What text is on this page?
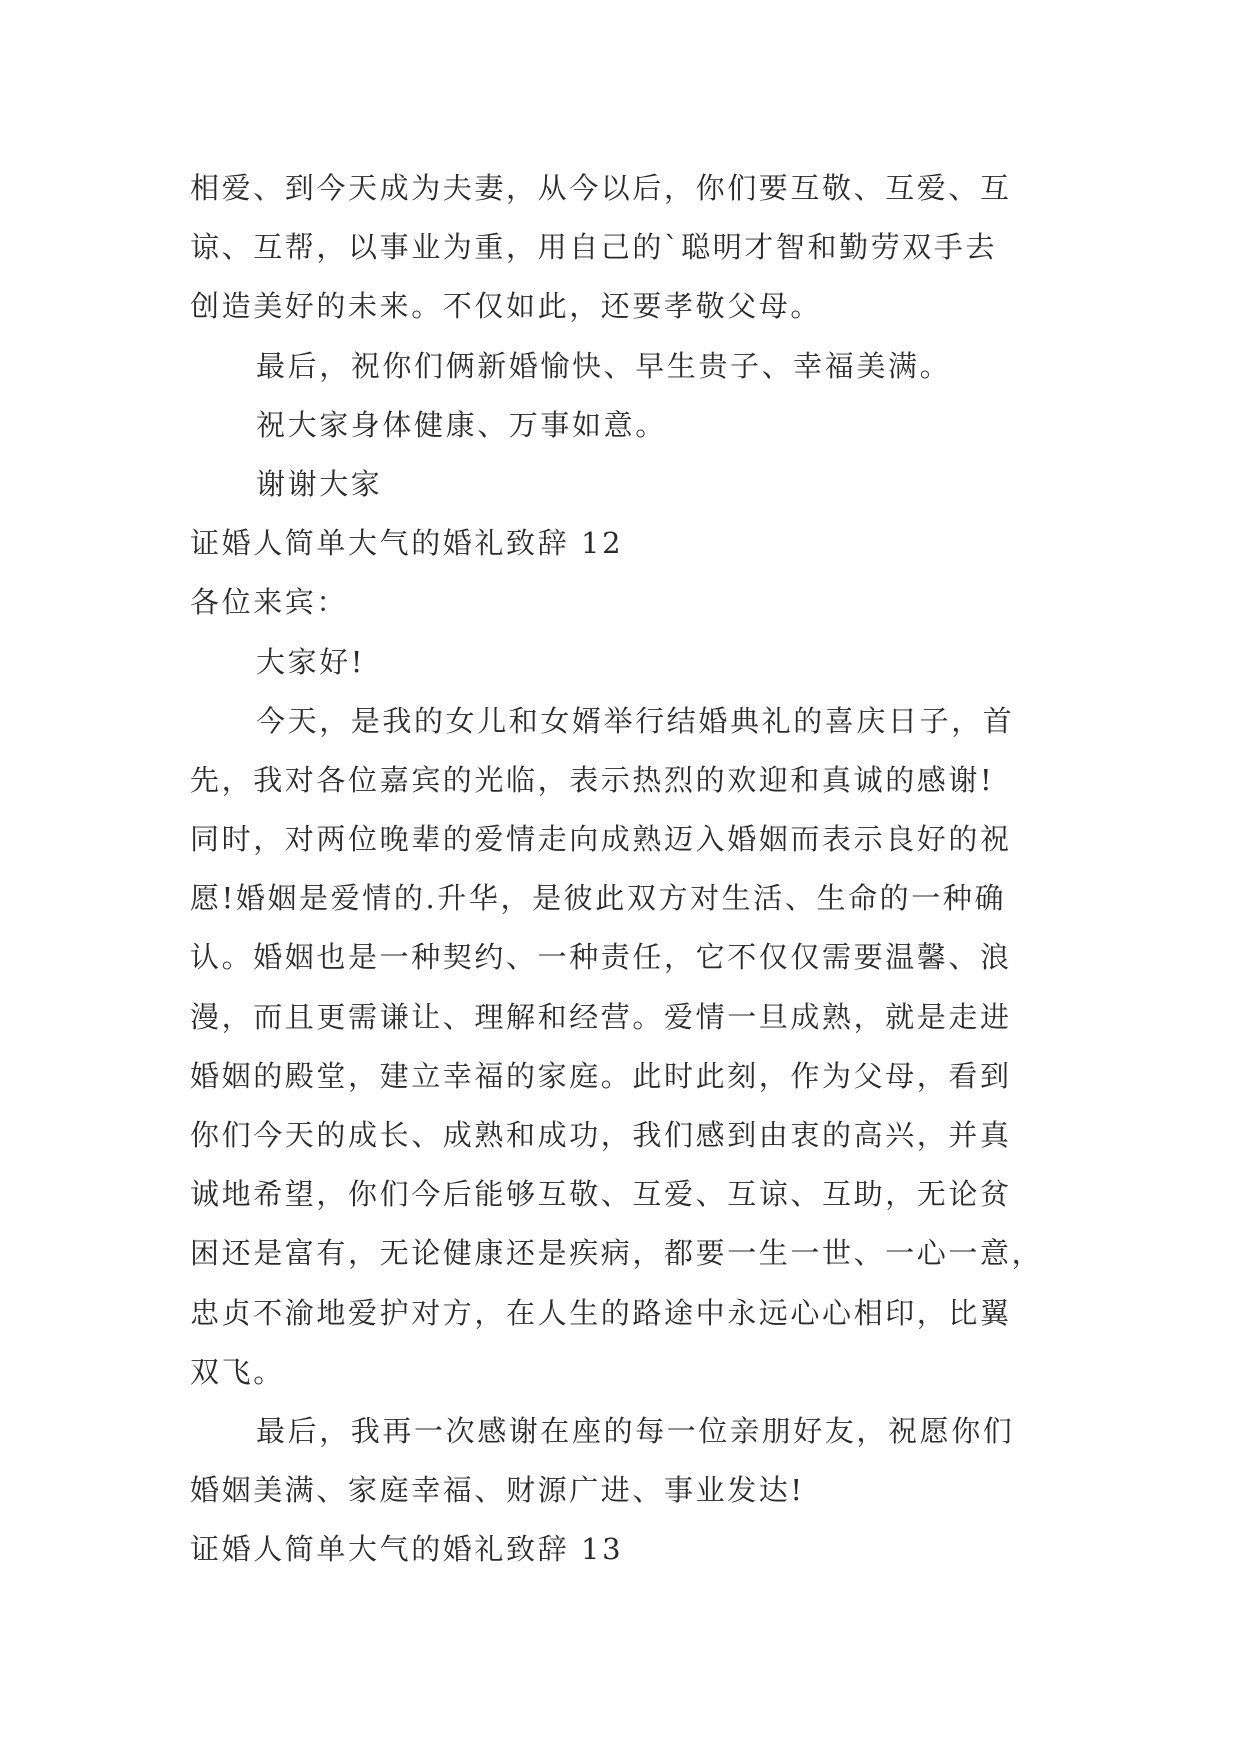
相爱、到今天成为夫妻，从今以后，你们要互敬、互爱、互
谅、互帮，以事业为重，用自己的`聪明才智和勤劳双手去
创造美好的未来。不仅如此，还要孝敬父母。
最后，祝你们俩新婚愉快、早生贵子、幸福美满。
祝大家身体健康、万事如意。
谢谢大家
证婚人简单大气的婚礼致辞 12
各位来宾：
大家好!
今天，是我的女儿和女婿举行结婚典礼的喜庆日子，首
先，我对各位嘉宾的光临，表示热烈的欢迎和真诚的感谢!
同时，对两位晚辈的爱情走向成熟迈入婚姻而表示良好的祝
愿!婚姻是爱情的.升华，是彼此双方对生活、生命的一种确
认。婚姻也是一种契约、一种责任，它不仅仅需要温馨、浪
漫，而且更需谦让、理解和经营。爱情一旦成熟，就是走进
婚姻的殿堂，建立幸福的家庭。此时此刻，作为父母，看到
你们今天的成长、成熟和成功，我们感到由衷的高兴，并真
诚地希望，你们今后能够互敬、互爱、互谅、互助，无论贫
困还是富有，无论健康还是疾病，都要一生一世、一心一意，
忠贞不渝地爱护对方，在人生的路途中永远心心相印，比翼
双飞。
最后，我再一次感谢在座的每一位亲朋好友，祝愿你们
婚姻美满、家庭幸福、财源广进、事业发达!
证婚人简单大气的婚礼致辞 13
